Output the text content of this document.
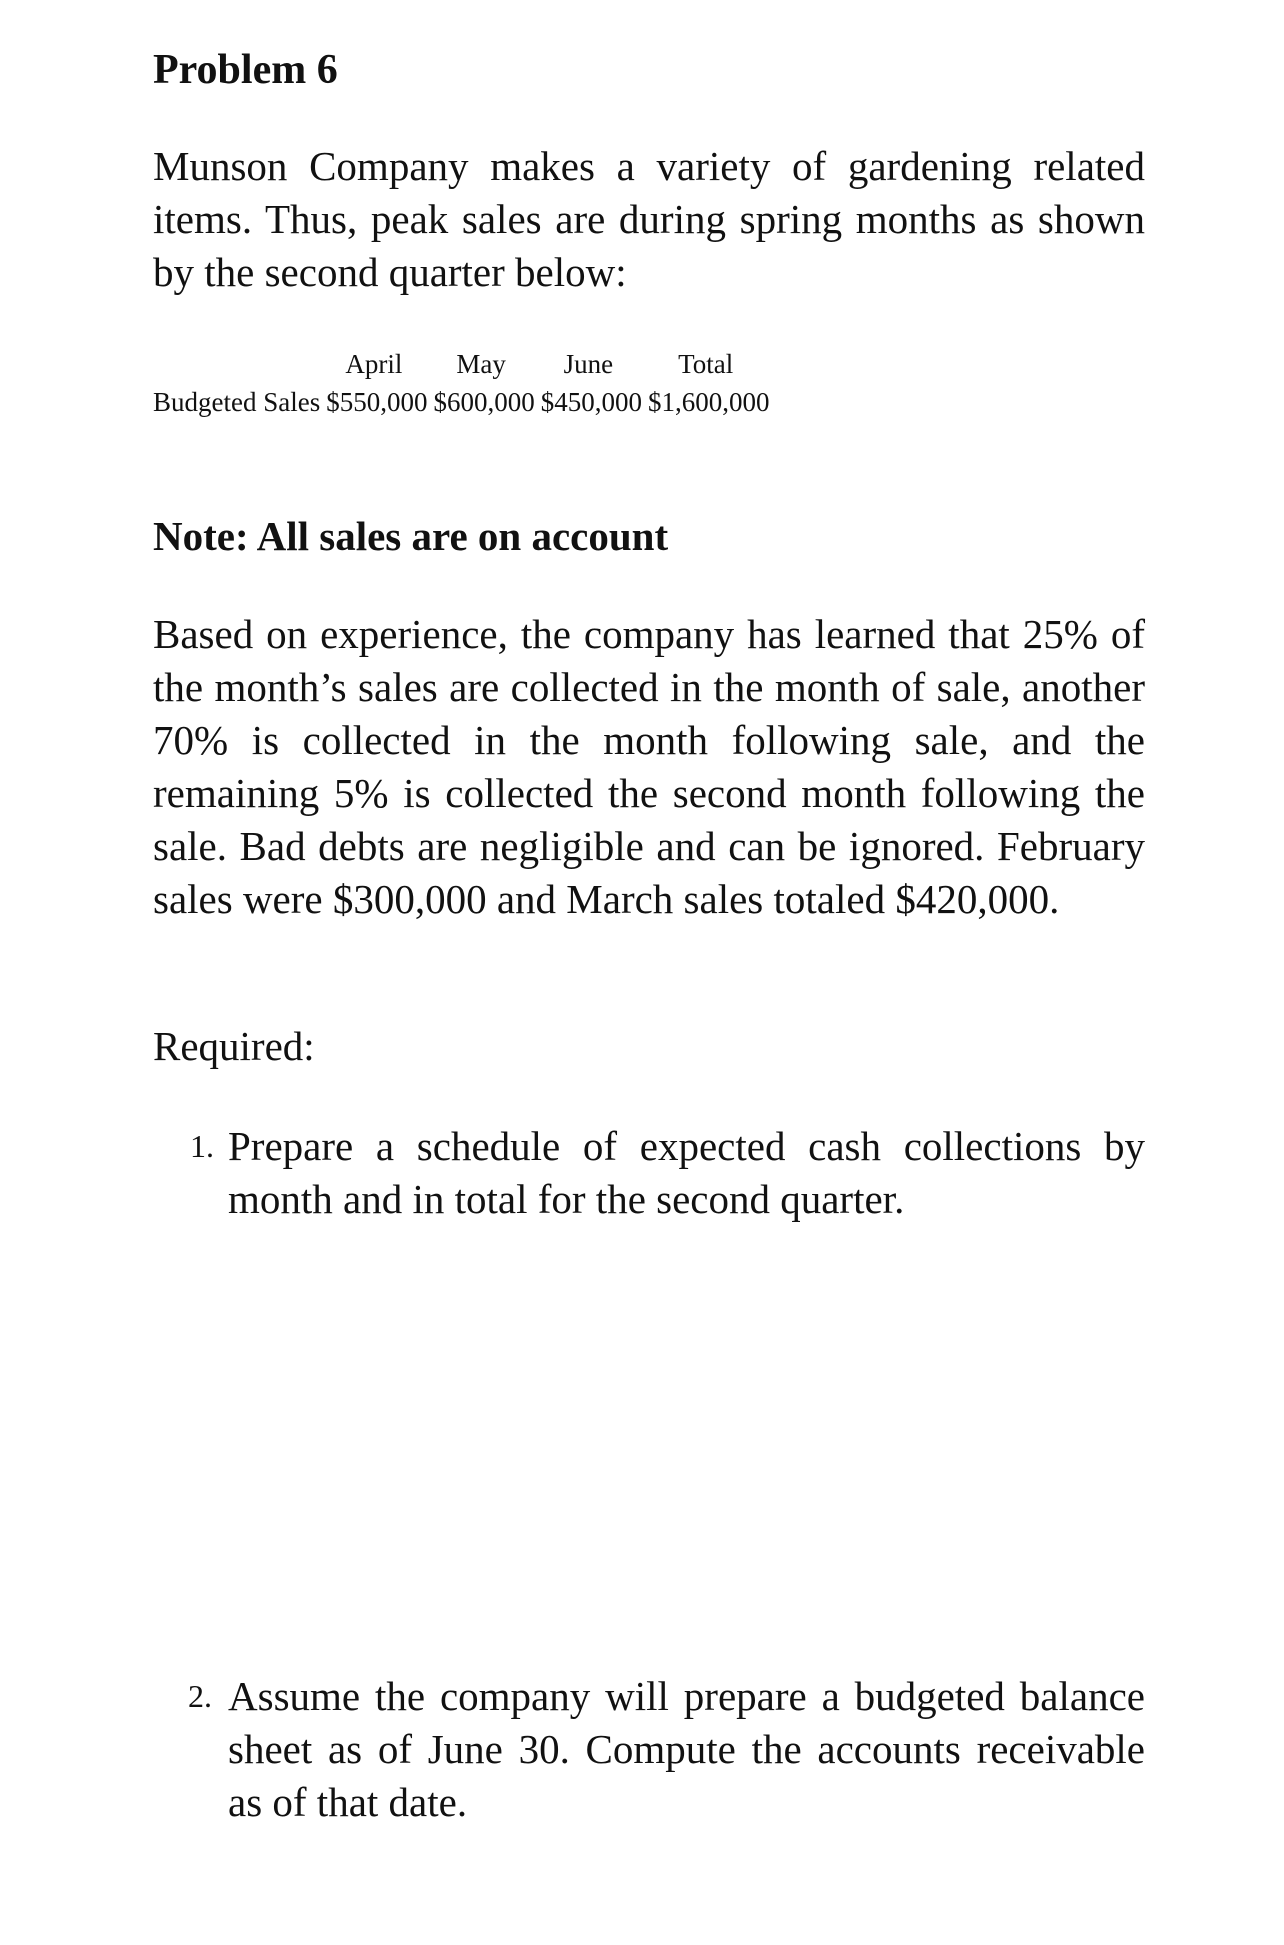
Problem 6

Munson Company makes a variety of gardening related items. Thus, peak sales are during spring months as shown by the second quarter below:

	April	May	June	Total
Budgeted Sales	$550,000	$600,000	$450,000	$1,600,000

Note: All sales are on account

Based on experience, the company has learned that 25% of the month’s sales are collected in the month of sale, another 70% is collected in the month following sale, and the remaining 5% is collected the second month following the sale. Bad debts are negligible and can be ignored. February sales were $300,000 and March sales totaled $420,000.

Required:

1. Prepare a schedule of expected cash collections by month and in total for the second quarter.
2. Assume the company will prepare a budgeted balance sheet as of June 30. Compute the accounts receivable as of that date.
